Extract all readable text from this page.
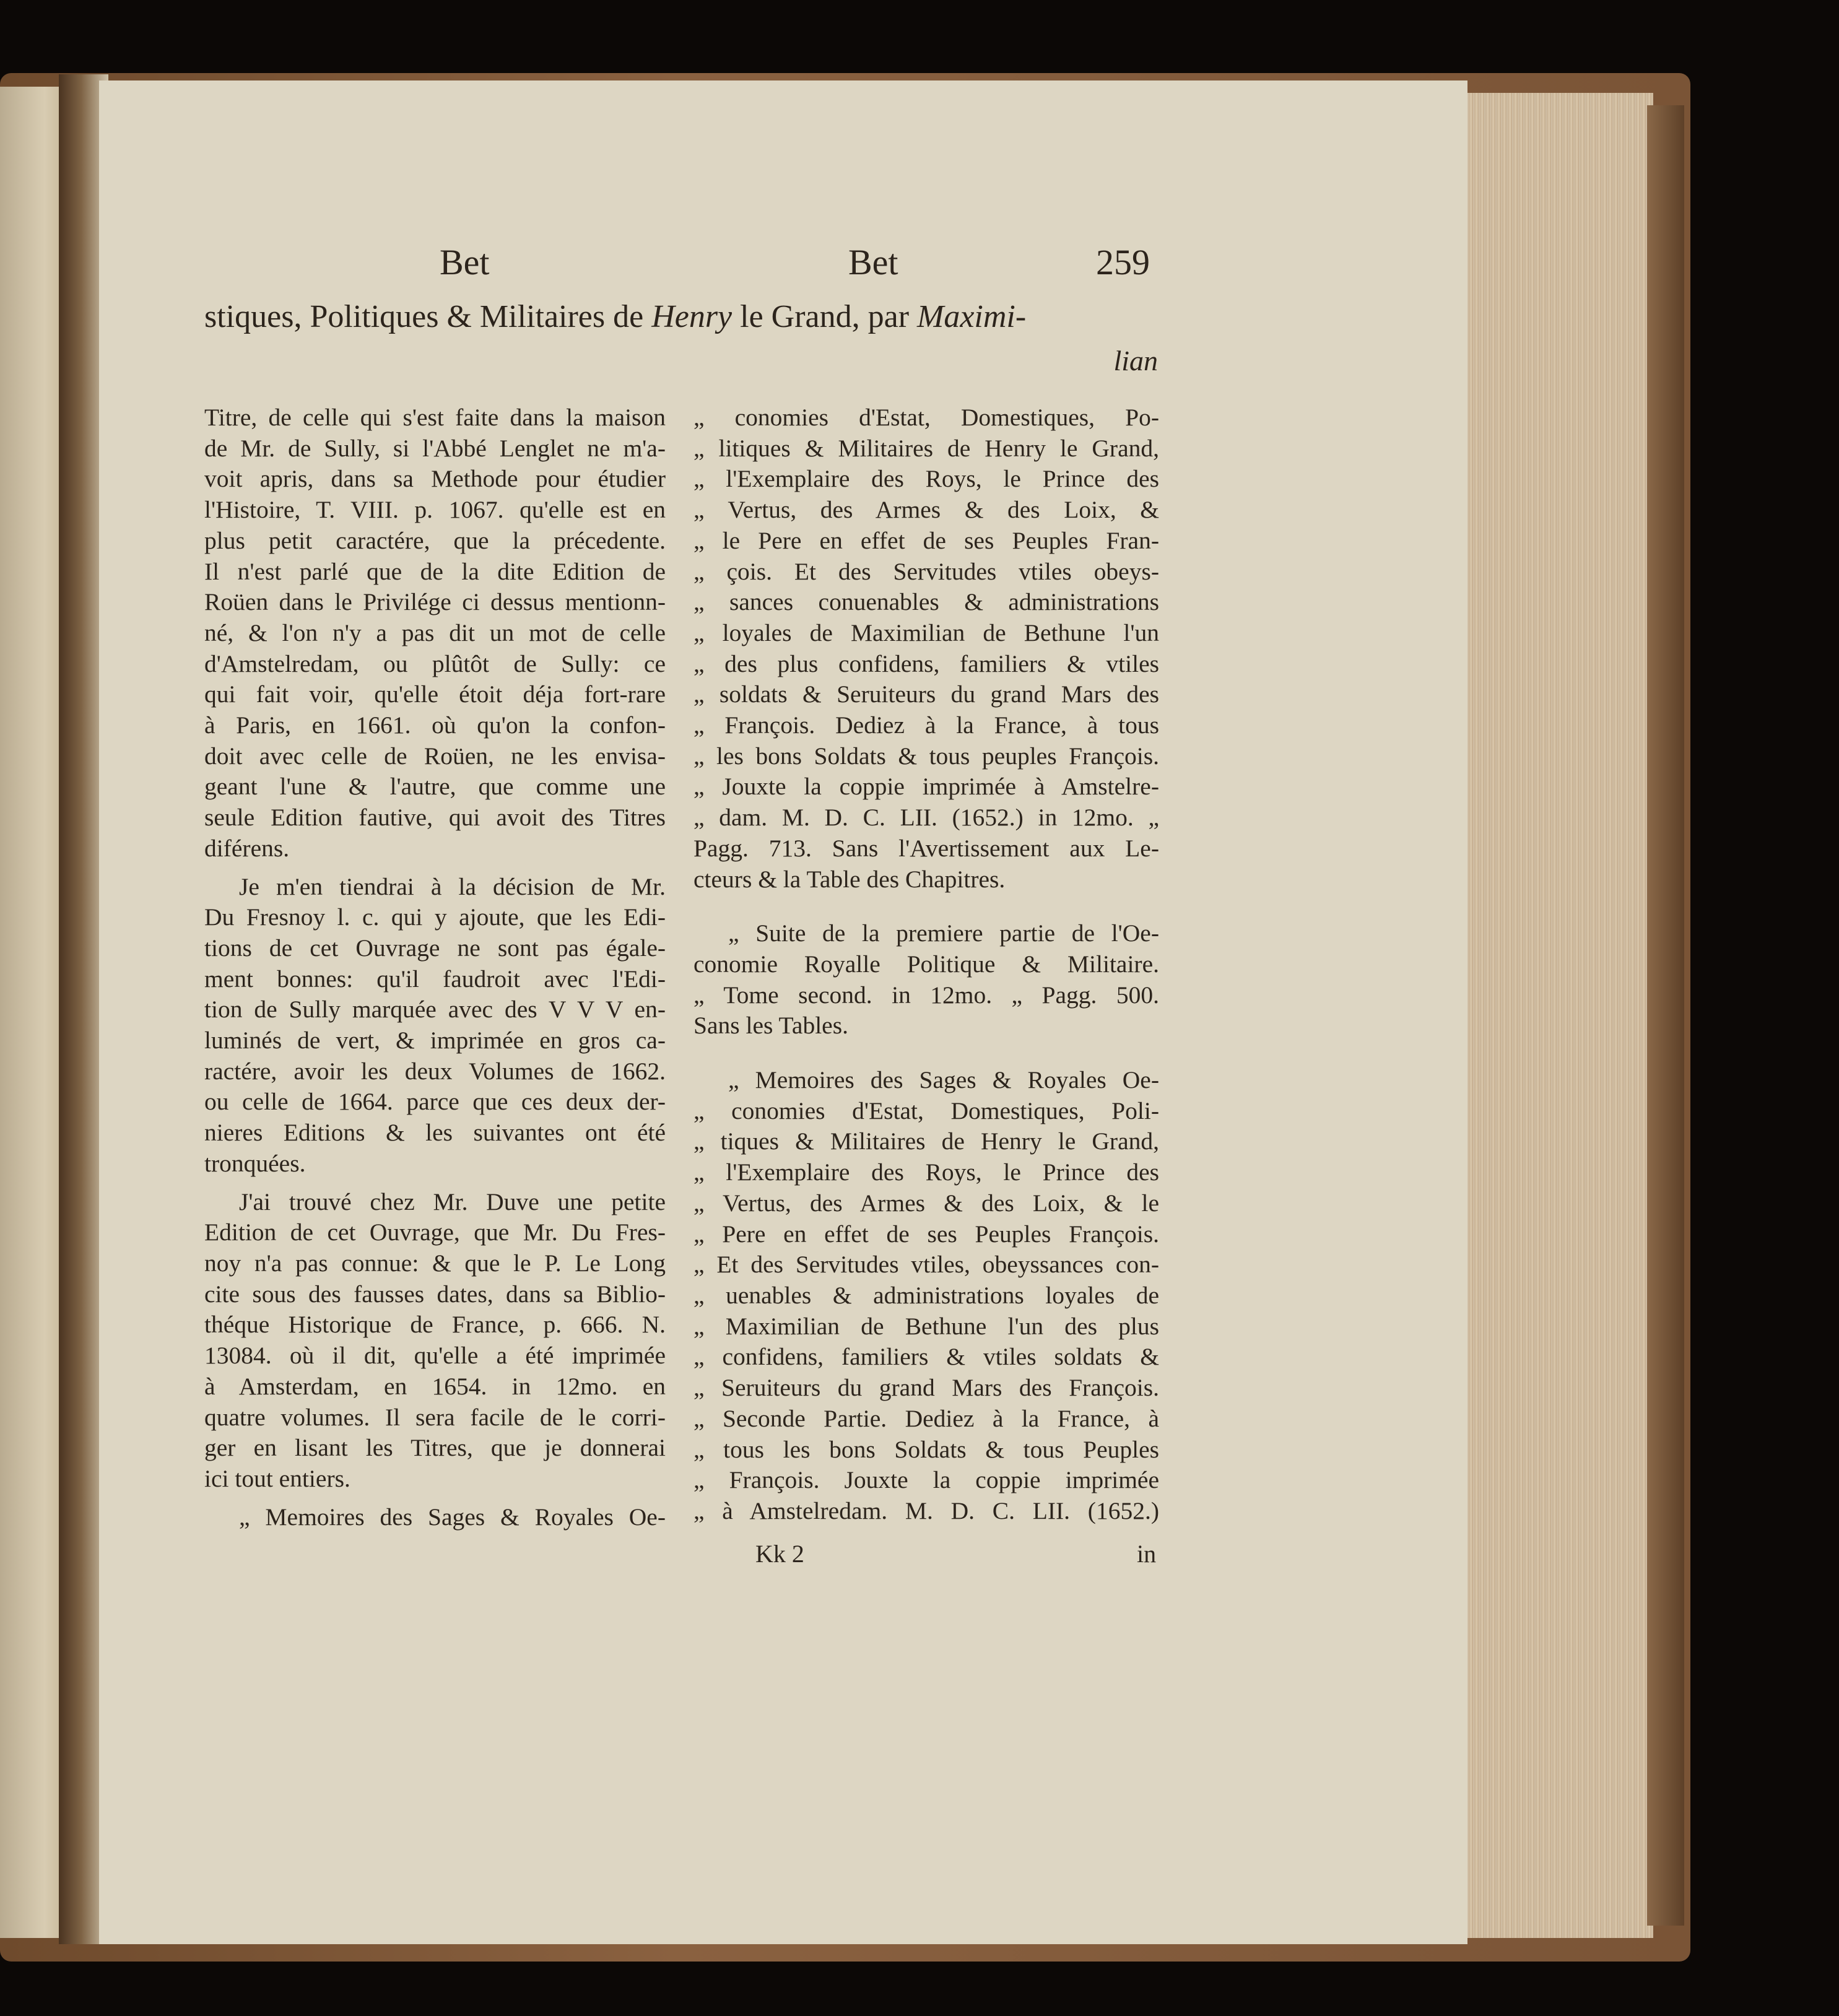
Bet	Bet	259
stiques, Politiques & Militaires de Henry le Grand, par Maximi-
lian
Titre, de celle qui s'est faite dans la maison
de Mr. de Sully, si l'Abbé Lenglet ne m'a-
voit apris, dans sa Methode pour étudier
l'Histoire, T. VIII. p. 1067. qu'elle est en
plus petit caractére, que la précedente.
Il n'est parlé que de la dite Edition de
Roüen dans le Privilége ci dessus mentionn-
né, & l'on n'y a pas dit un mot de celle
d'Amstelredam, ou plûtôt de Sully: ce
qui fait voir, qu'elle étoit déja fort-rare
à Paris, en 1661. où qu'on la confon-
doit avec celle de Roüen, ne les envisa-
geant l'une & l'autre, que comme une
seule Edition fautive, qui avoit des Titres
diférens.
Je m'en tiendrai à la décision de Mr.
Du Fresnoy l. c. qui y ajoute, que les Edi-
tions de cet Ouvrage ne sont pas égale-
ment bonnes: qu'il faudroit avec l'Edi-
tion de Sully marquée avec des V V V en-
luminés de vert, & imprimée en gros ca-
ractére, avoir les deux Volumes de 1662.
ou celle de 1664. parce que ces deux der-
nieres Editions & les suivantes ont été
tronquées.
J'ai trouvé chez Mr. Duve une petite
Edition de cet Ouvrage, que Mr. Du Fres-
noy n'a pas connue: & que le P. Le Long
cite sous des fausses dates, dans sa Biblio-
théque Historique de France, p. 666. N.
13084. où il dit, qu'elle a été imprimée
à Amsterdam, en 1654. in 12mo. en
quatre volumes. Il sera facile de le corri-
ger en lisant les Titres, que je donnerai
ici tout entiers.
„ Memoires des Sages & Royales Oe-
„ conomies d'Estat, Domestiques, Po-
„ litiques & Militaires de Henry le Grand,
„ l'Exemplaire des Roys, le Prince des
„ Vertus, des Armes & des Loix, &
„ le Pere en effet de ses Peuples Fran-
„ çois. Et des Servitudes vtiles obeys-
„ sances conuenables & administrations
„ loyales de Maximilian de Bethune l'un
„ des plus confidens, familiers & vtiles
„ soldats & Seruiteurs du grand Mars des
„ François. Dediez à la France, à tous
„ les bons Soldats & tous peuples François.
„ Jouxte la coppie imprimée à Amstelre-
„ dam. M. D. C. LII. (1652.) in 12mo. „
Pagg. 713. Sans l'Avertissement aux Le-
cteurs & la Table des Chapitres.
„ Suite de la premiere partie de l'Oe-
conomie Royalle Politique & Militaire.
„ Tome second. in 12mo. „ Pagg. 500.
Sans les Tables.
„ Memoires des Sages & Royales Oe-
„ conomies d'Estat, Domestiques, Poli-
„ tiques & Militaires de Henry le Grand,
„ l'Exemplaire des Roys, le Prince des
„ Vertus, des Armes & des Loix, & le
„ Pere en effet de ses Peuples François.
„ Et des Servitudes vtiles, obeyssances con-
„ uenables & administrations loyales de
„ Maximilian de Bethune l'un des plus
„ confidens, familiers & vtiles soldats &
„ Seruiteurs du grand Mars des François.
„ Seconde Partie. Dediez à la France, à
„ tous les bons Soldats & tous Peuples
„ François. Jouxte la coppie imprimée
„ à Amstelredam. M. D. C. LII. (1652.)
Kk 2	in
